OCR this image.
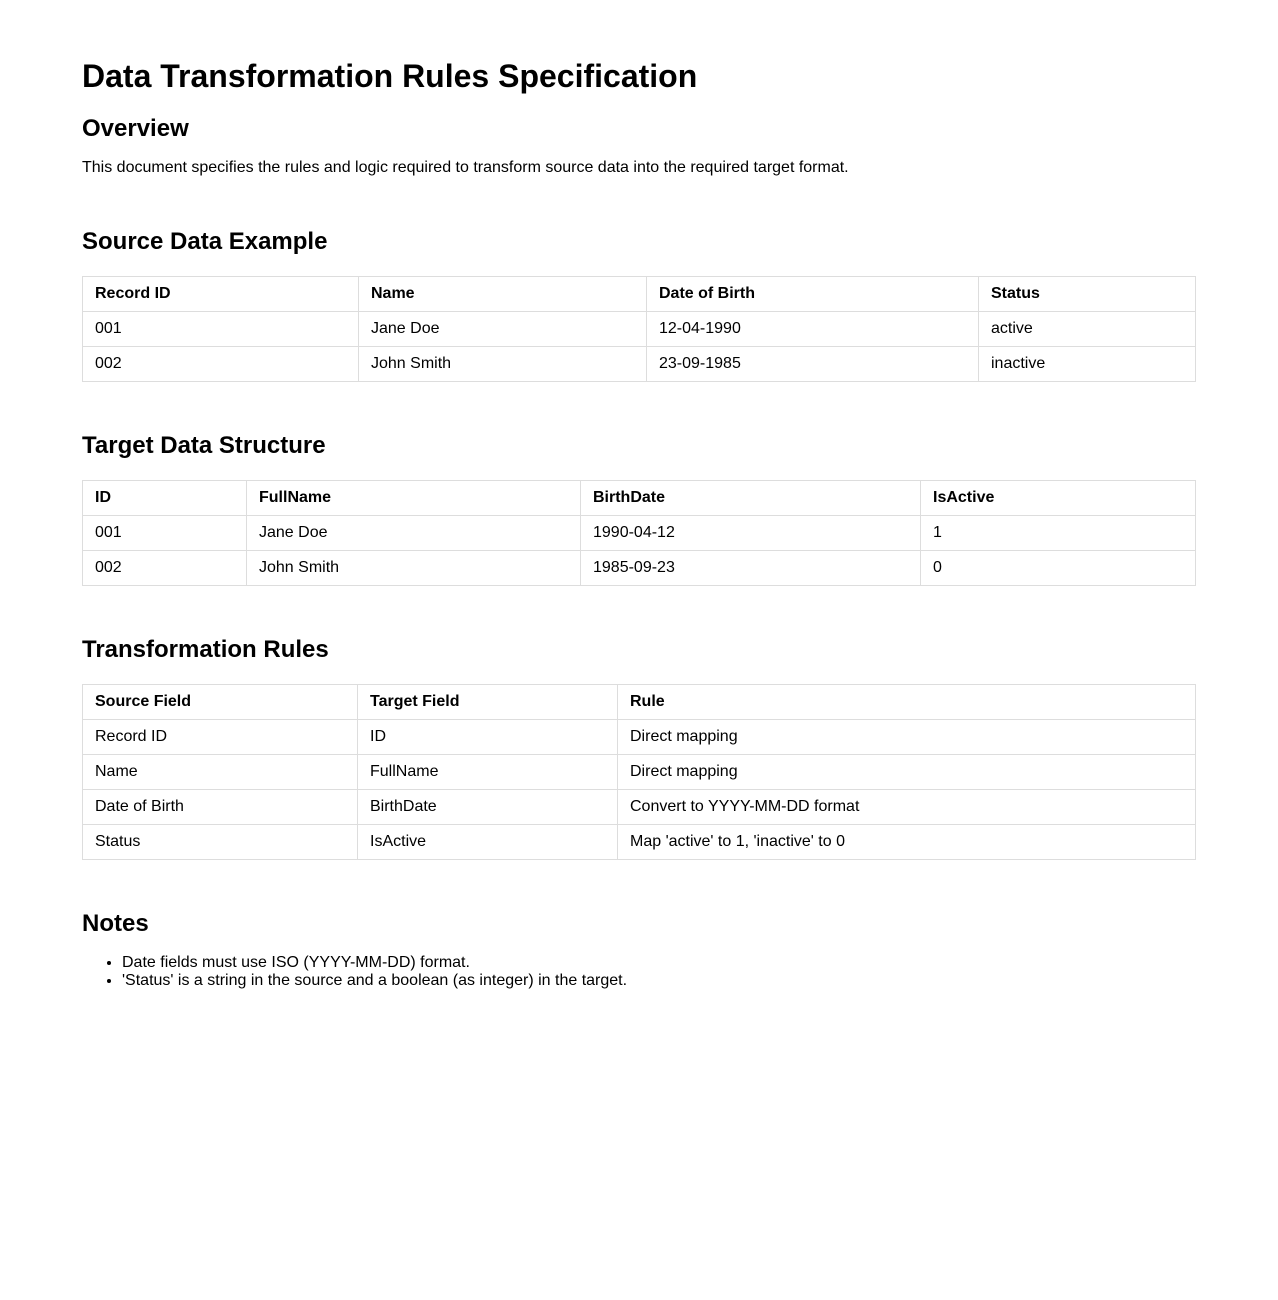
Data Transformation Rules Specification
Overview

This document specifies the rules and logic required to transform source data into the required target format.

Source Data Example
Record ID	Name	Date of Birth	Status
001	Jane Doe	12-04-1990	active
002	John Smith	23-09-1985	inactive
Target Data Structure
ID	FullName	BirthDate	IsActive
001	Jane Doe	1990-04-12	1
002	John Smith	1985-09-23	0
Transformation Rules
Source Field	Target Field	Rule
Record ID	ID	Direct mapping
Name	FullName	Direct mapping
Date of Birth	BirthDate	Convert to YYYY-MM-DD format
Status	IsActive	Map 'active' to 1, 'inactive' to 0
Notes
• Date fields must use ISO (YYYY-MM-DD) format.
• 'Status' is a string in the source and a boolean (as integer) in the target.
